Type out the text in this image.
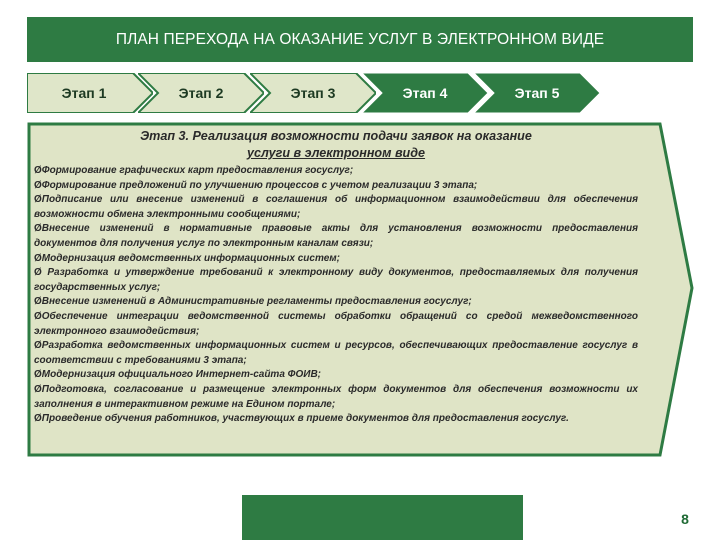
ПЛАН ПЕРЕХОДА НА ОКАЗАНИЕ УСЛУГ В ЭЛЕКТРОННОМ ВИДЕ
Этап 1	Этап 2	Этап 3	Этап 4	Этап 5

Этап 3. Реализация возможности подачи заявок на оказание
услуги в электронном виде

ØФормирование графических карт предоставления госуслуг;

ØФормирование предложений по улучшению процессов с учетом реализации 3 этапа;

ØПодписание или внесение изменений в соглашения об информационном взаимодействии для обеспечения возможности обмена электронными сообщениями;

ØВнесение изменений в нормативные правовые акты для установления возможности предоставления документов для получения услуг по электронным каналам связи;

ØМодернизация ведомственных информационных систем;

Ø Разработка и утверждение требований к электронному виду документов, предоставляемых для получения государственных услуг;

ØВнесение изменений в Административные регламенты предоставления госуслуг;

ØОбеспечение интеграции ведомственной системы обработки обращений со средой межведомственного электронного взаимодействия;

ØРазработка ведомственных информационных систем и ресурсов, обеспечивающих предоставление госуслуг в соответствии с требованиями 3 этапа;

ØМодернизация официального Интернет-сайта ФОИВ;

ØПодготовка, согласование и размещение электронных форм документов для обеспечения возможности их заполнения в интерактивном режиме на Едином портале;

ØПроведение обучения работников, участвующих в приеме документов для предоставления госуслуг.

8
